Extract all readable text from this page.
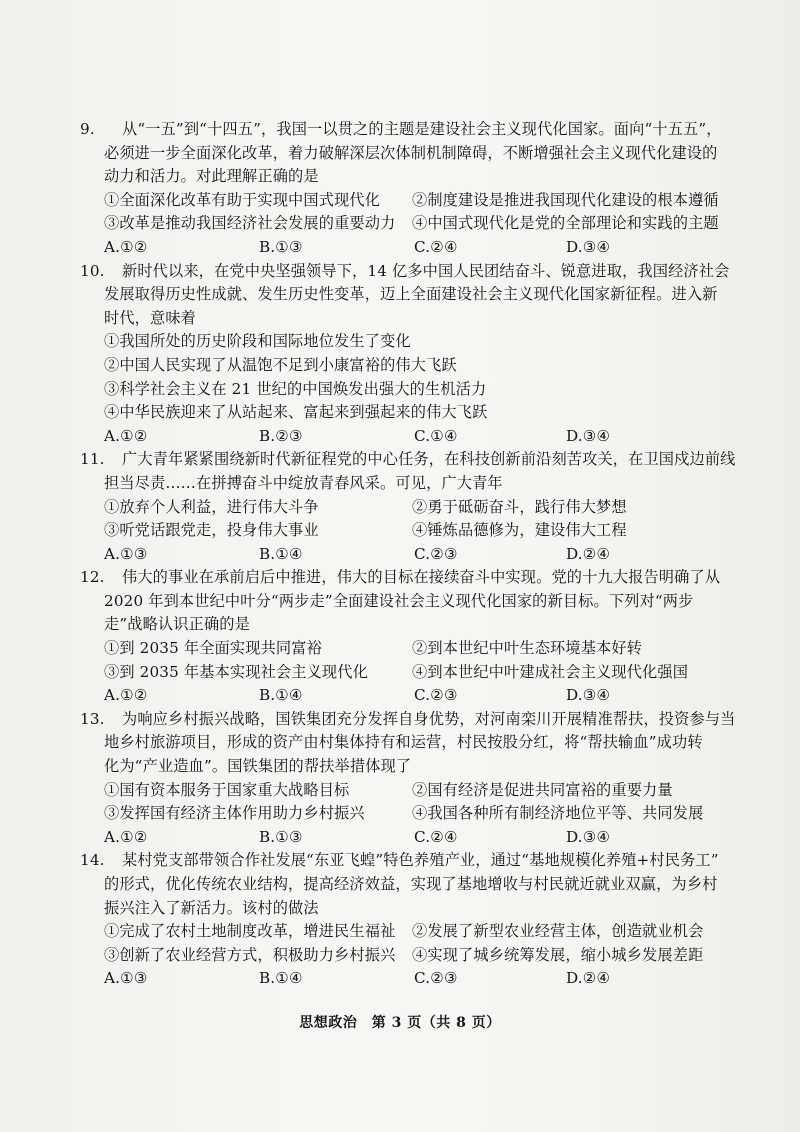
9. 从“一五”到“十四五”，我国一以贯之的主题是建设社会主义现代化国家。面向“十五五”，
必须进一步全面深化改革，着力破解深层次体制机制障碍，不断增强社会主义现代化建设的
动力和活力。对此理解正确的是
①全面深化改革有助于实现中国式现代化	②制度建设是推进我国现代化建设的根本遵循
③改革是推动我国经济社会发展的重要动力	④中国式现代化是党的全部理论和实践的主题
A.①②	B.①③	C.②④	D.③④
10. 新时代以来，在党中央坚强领导下，14 亿多中国人民团结奋斗、锐意进取，我国经济社会
发展取得历史性成就、发生历史性变革，迈上全面建设社会主义现代化国家新征程。进入新
时代，意味着
①我国所处的历史阶段和国际地位发生了变化
②中国人民实现了从温饱不足到小康富裕的伟大飞跃
③科学社会主义在 21 世纪的中国焕发出强大的生机活力
④中华民族迎来了从站起来、富起来到强起来的伟大飞跃
A.①②	B.②③	C.①④	D.③④
11. 广大青年紧紧围绕新时代新征程党的中心任务，在科技创新前沿刻苦攻关，在卫国戍边前线
担当尽责……在拼搏奋斗中绽放青春风采。可见，广大青年
①放弃个人利益，进行伟大斗争	②勇于砥砺奋斗，践行伟大梦想
③听党话跟党走，投身伟大事业	④锤炼品德修为，建设伟大工程
A.①③	B.①④	C.②③	D.②④
12. 伟大的事业在承前启后中推进，伟大的目标在接续奋斗中实现。党的十九大报告明确了从
2020 年到本世纪中叶分“两步走”全面建设社会主义现代化国家的新目标。下列对“两步
走”战略认识正确的是
①到 2035 年全面实现共同富裕	②到本世纪中叶生态环境基本好转
③到 2035 年基本实现社会主义现代化	④到本世纪中叶建成社会主义现代化强国
A.①②	B.①④	C.②③	D.③④
13. 为响应乡村振兴战略，国铁集团充分发挥自身优势，对河南栾川开展精准帮扶，投资参与当
地乡村旅游项目，形成的资产由村集体持有和运营，村民按股分红，将“帮扶输血”成功转
化为“产业造血”。国铁集团的帮扶举措体现了
①国有资本服务于国家重大战略目标	②国有经济是促进共同富裕的重要力量
③发挥国有经济主体作用助力乡村振兴	④我国各种所有制经济地位平等、共同发展
A.①②	B.①③	C.②④	D.③④
14. 某村党支部带领合作社发展“东亚飞蝗”特色养殖产业，通过“基地规模化养殖+村民务工”
的形式，优化传统农业结构，提高经济效益，实现了基地增收与村民就近就业双赢，为乡村
振兴注入了新活力。该村的做法
①完成了农村土地制度改革，增进民生福祉	②发展了新型农业经营主体，创造就业机会
③创新了农业经营方式，积极助力乡村振兴	④实现了城乡统筹发展，缩小城乡发展差距
A.①③	B.①④	C.②③	D.②④
思想政治　第 3 页（共 8 页）
